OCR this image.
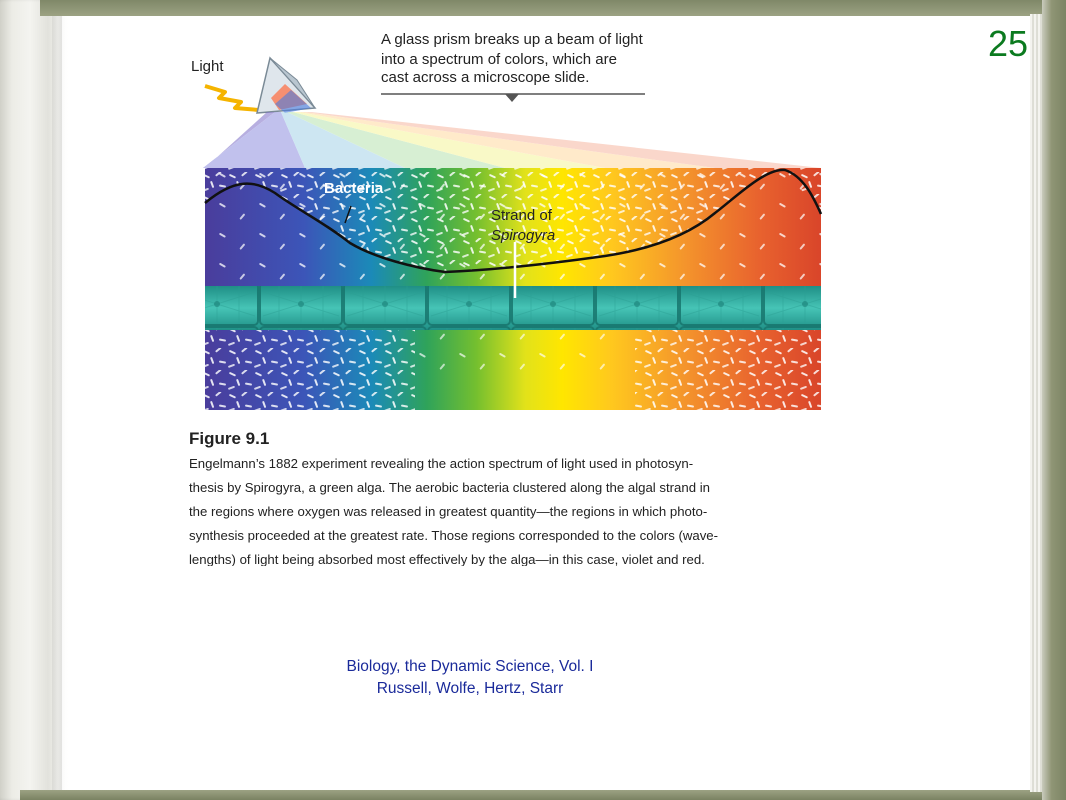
25
Light
A glass prism breaks up a beam of light
into a spectrum of colors, which are
cast across a microscope slide.
Bacteria
Strand of
Spirogyra
Figure 9.1
Engelmann’s 1882 experiment revealing the action spectrum of light used in photosyn-
thesis by Spirogyra, a green alga. The aerobic bacteria clustered along the algal strand in
the regions where oxygen was released in greatest quantity—the regions in which photo-
synthesis proceeded at the greatest rate. Those regions corresponded to the colors (wave-
lengths) of light being absorbed most effectively by the alga—in this case, violet and red.
Biology, the Dynamic Science, Vol. I
Russell, Wolfe, Hertz, Starr
